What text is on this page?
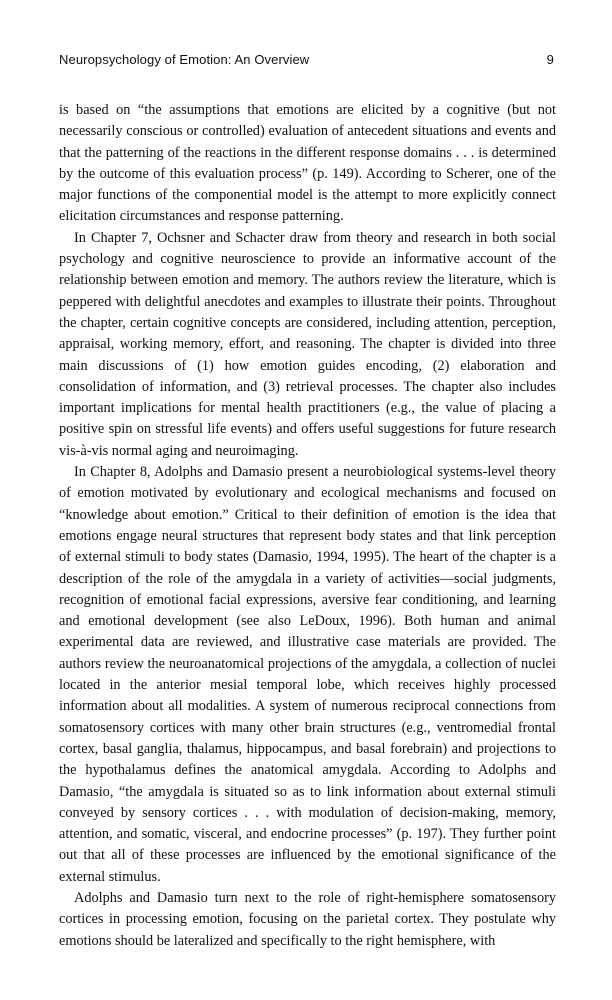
Neuropsychology of Emotion: An Overview	9

is based on “the assumptions that emotions are elicited by a cognitive (but not necessarily conscious or controlled) evaluation of antecedent situations and events and that the patterning of the reactions in the different response domains . . . is determined by the outcome of this evaluation process” (p. 149). According to Scherer, one of the major functions of the componential model is the attempt to more explicitly connect elicitation circumstances and response patterning.

In Chapter 7, Ochsner and Schacter draw from theory and research in both social psychology and cognitive neuroscience to provide an informative account of the relationship between emotion and memory. The authors review the literature, which is peppered with delightful anecdotes and examples to illustrate their points. Throughout the chapter, certain cognitive concepts are considered, including attention, perception, appraisal, working memory, effort, and reasoning. The chapter is divided into three main discussions of (1) how emotion guides encoding, (2) elaboration and consolidation of information, and (3) retrieval processes. The chapter also includes important implications for mental health practitioners (e.g., the value of placing a positive spin on stressful life events) and offers useful suggestions for future research vis-à-vis normal aging and neuroimaging.

In Chapter 8, Adolphs and Damasio present a neurobiological systems-level theory of emotion motivated by evolutionary and ecological mechanisms and focused on “knowledge about emotion.” Critical to their definition of emotion is the idea that emotions engage neural structures that represent body states and that link perception of external stimuli to body states (Damasio, 1994, 1995). The heart of the chapter is a description of the role of the amygdala in a variety of activities—social judgments, recognition of emotional facial expressions, aversive fear conditioning, and learning and emotional development (see also LeDoux, 1996). Both human and animal experimental data are reviewed, and illustrative case materials are provided. The authors review the neuroanatomical projections of the amygdala, a collection of nuclei located in the anterior mesial temporal lobe, which receives highly processed information about all modalities. A system of numerous reciprocal connections from somatosensory cortices with many other brain structures (e.g., ventromedial frontal cortex, basal ganglia, thalamus, hippocampus, and basal forebrain) and projections to the hypothalamus defines the anatomical amygdala. According to Adolphs and Damasio, “the amygdala is situated so as to link information about external stimuli conveyed by sensory cortices . . . with modulation of decision-making, memory, attention, and somatic, visceral, and endocrine processes” (p. 197). They further point out that all of these processes are influenced by the emotional significance of the external stimulus.

Adolphs and Damasio turn next to the role of right-hemisphere somatosensory cortices in processing emotion, focusing on the parietal cortex. They postulate why emotions should be lateralized and specifically to the right hemisphere, with
